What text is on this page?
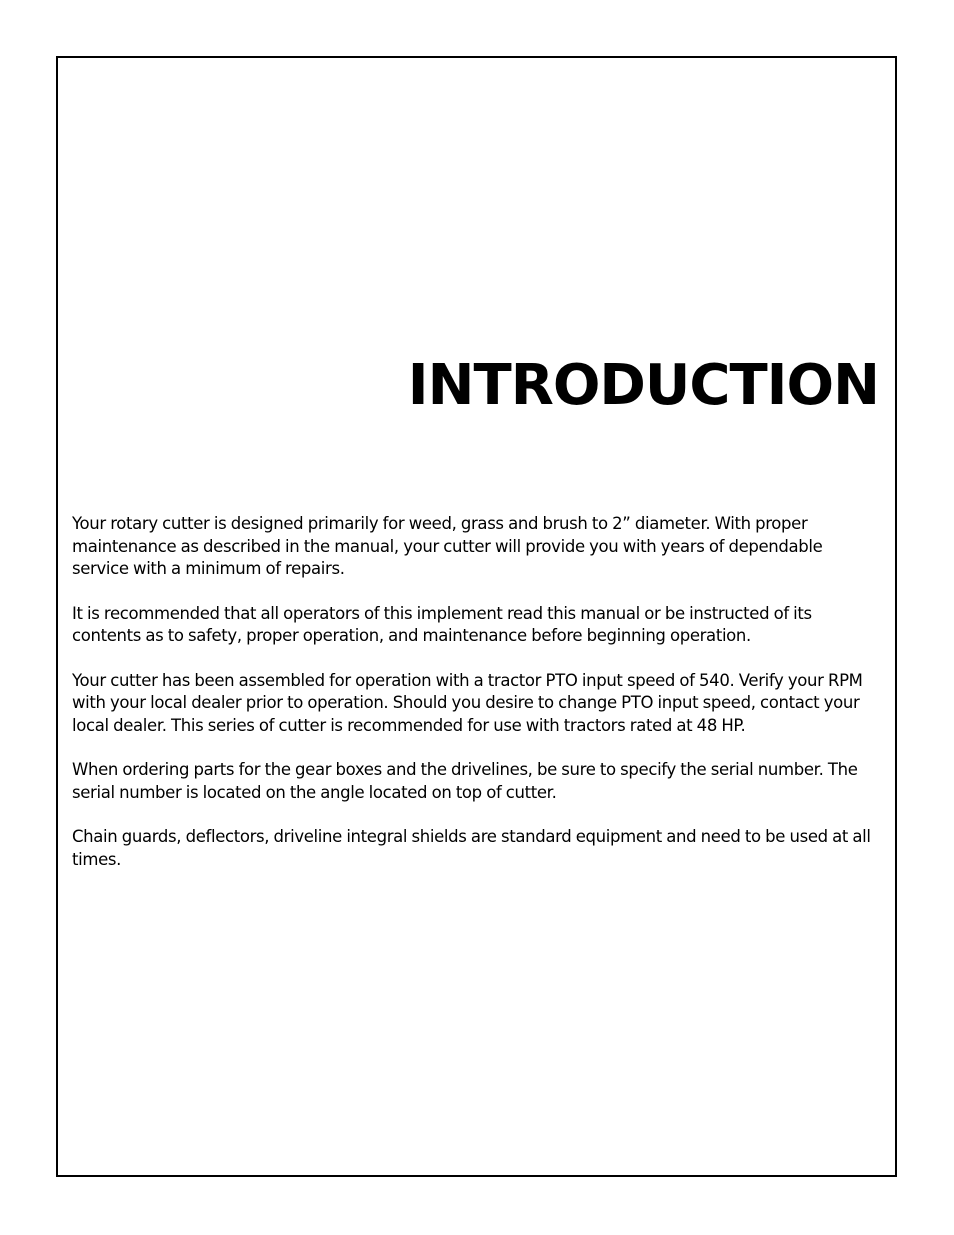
INTRODUCTION

Your rotary cutter is designed primarily for weed, grass and brush to 2” diameter. With proper maintenance as described in the manual, your cutter will provide you with years of dependable service with a minimum of repairs.

It is recommended that all operators of this implement read this manual or be instructed of its contents as to safety, proper operation, and maintenance before beginning operation.

Your cutter has been assembled for operation with a tractor PTO input speed of 540. Verify your RPM with your local dealer prior to operation. Should you desire to change PTO input speed, contact your local dealer. This series of cutter is recommended for use with tractors rated at 48 HP.

When ordering parts for the gear boxes and the drivelines, be sure to specify the serial number. The serial number is located on the angle located on top of cutter.

Chain guards, deflectors, driveline integral shields are standard equipment and need to be used at all times.
